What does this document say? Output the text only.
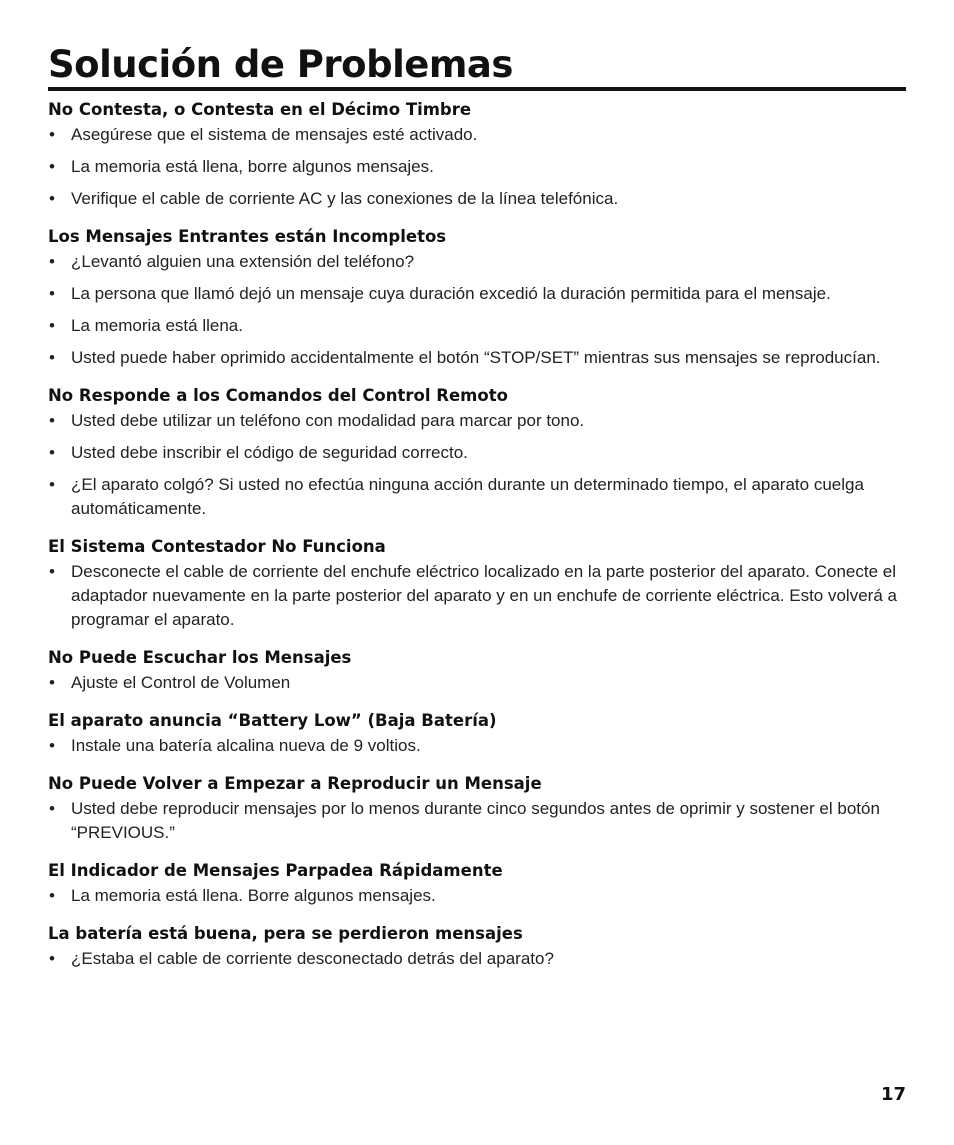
Solución de Problemas
No Contesta, o Contesta en el Décimo Timbre
• Asegúrese que el sistema de mensajes esté activado.
• La memoria está llena, borre algunos mensajes.
• Verifique el cable de corriente AC y las conexiones de la línea telefónica.
Los Mensajes Entrantes están Incompletos
• ¿Levantó alguien una extensión del teléfono?
• La persona que llamó dejó un mensaje cuya duración excedió la duración permitida para el mensaje.
• La memoria está llena.
• Usted puede haber oprimido accidentalmente el botón “STOP/SET” mientras sus mensajes se reproducían.
No Responde a los Comandos del Control Remoto
• Usted debe utilizar un teléfono con modalidad para marcar por tono.
• Usted debe inscribir el código de seguridad correcto.
• ¿El aparato colgó? Si usted no efectúa ninguna acción durante un determinado tiempo, el aparato cuelga automáticamente.
El Sistema Contestador No Funciona
• Desconecte el cable de corriente del enchufe eléctrico localizado en la parte posterior del aparato. Conecte el adaptador nuevamente en la parte posterior del aparato y en un enchufe de corriente eléctrica. Esto volverá a programar el aparato.
No Puede Escuchar los Mensajes
• Ajuste el Control de Volumen
El aparato anuncia “Battery Low” (Baja Batería)
• Instale una batería alcalina nueva de 9 voltios.
No Puede Volver a Empezar a Reproducir un Mensaje
• Usted debe reproducir mensajes por lo menos durante cinco segundos antes de oprimir y sostener el botón “PREVIOUS.”
El Indicador de Mensajes Parpadea Rápidamente
• La memoria está llena. Borre algunos mensajes.
La batería está buena, pera se perdieron mensajes
• ¿Estaba el cable de corriente desconectado detrás del aparato?
17
